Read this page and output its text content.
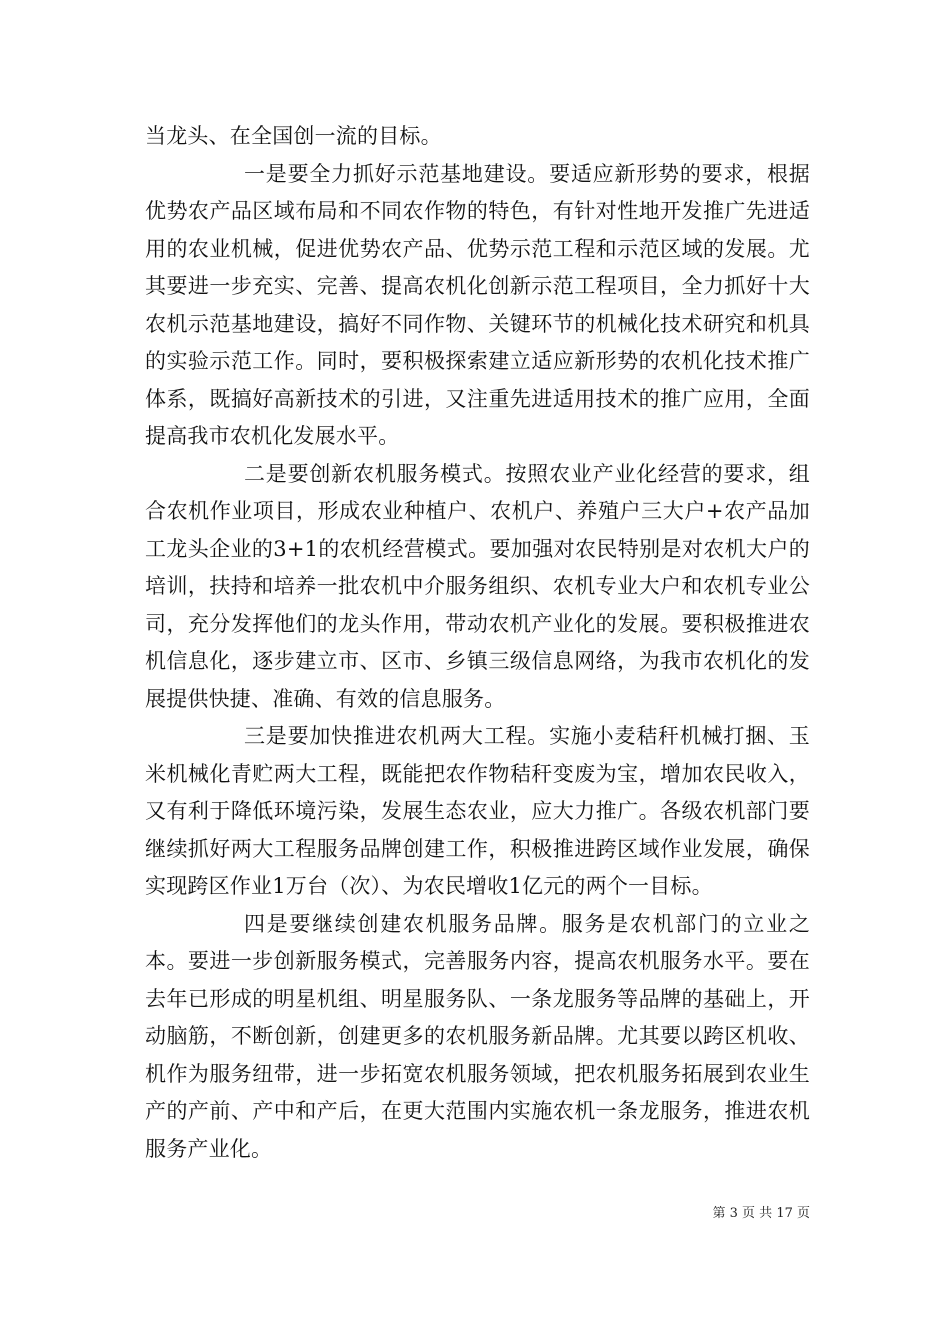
当龙头、在全国创一流的目标。

一是要全力抓好示范基地建设。要适应新形势的要求，根据优势农产品区域布局和不同农作物的特色，有针对性地开发推广先进适用的农业机械，促进优势农产品、优势示范工程和示范区域的发展。尤其要进一步充实、完善、提高农机化创新示范工程项目，全力抓好十大农机示范基地建设，搞好不同作物、关键环节的机械化技术研究和机具的实验示范工作。同时，要积极探索建立适应新形势的农机化技术推广体系，既搞好高新技术的引进，又注重先进适用技术的推广应用，全面提高我市农机化发展水平。

二是要创新农机服务模式。按照农业产业化经营的要求，组合农机作业项目，形成农业种植户、农机户、养殖户三大户+农产品加工龙头企业的3+1的农机经营模式。要加强对农民特别是对农机大户的培训，扶持和培养一批农机中介服务组织、农机专业大户和农机专业公司，充分发挥他们的龙头作用，带动农机产业化的发展。要积极推进农机信息化，逐步建立市、区市、乡镇三级信息网络，为我市农机化的发展提供快捷、准确、有效的信息服务。

三是要加快推进农机两大工程。实施小麦秸秆机械打捆、玉米机械化青贮两大工程，既能把农作物秸秆变废为宝，增加农民收入，又有利于降低环境污染，发展生态农业，应大力推广。各级农机部门要继续抓好两大工程服务品牌创建工作，积极推进跨区域作业发展，确保实现跨区作业1万台（次）、为农民增收1亿元的两个一目标。

四是要继续创建农机服务品牌。服务是农机部门的立业之本。要进一步创新服务模式，完善服务内容，提高农机服务水平。要在去年已形成的明星机组、明星服务队、一条龙服务等品牌的基础上，开动脑筋，不断创新，创建更多的农机服务新品牌。尤其要以跨区机收、机作为服务纽带，进一步拓宽农机服务领域，把农机服务拓展到农业生产的产前、产中和产后，在更大范围内实施农机一条龙服务，推进农机服务产业化。

第 3 页 共 17 页
